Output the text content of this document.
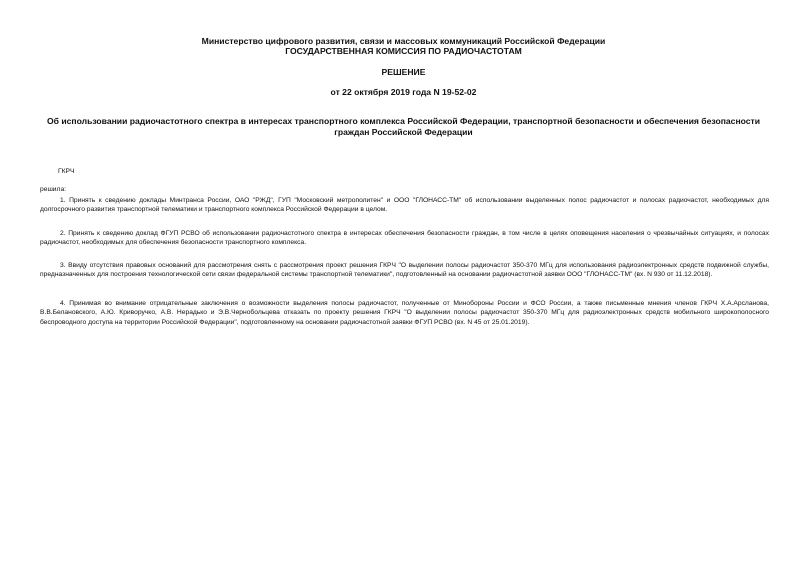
Министерство цифрового развития, связи и массовых коммуникаций Российской Федерации
ГОСУДАРСТВЕННАЯ КОМИССИЯ ПО РАДИОЧАСТОТАМ
РЕШЕНИЕ
от 22 октября 2019 года N 19-52-02
Об использовании радиочастотного спектра в интересах транспортного комплекса Российской Федерации, транспортной безопасности и обеспечения безопасности граждан Российской Федерации
ГКРЧ
решила:
1. Принять к сведению доклады Минтранса России, ОАО "РЖД", ГУП "Московский метрополитен" и ООО "ГЛОНАСС-ТМ" об использовании выделенных полос радиочастот и полосах радиочастот, необходимых для долгосрочного развития транспортной телематики и транспортного комплекса Российской Федерации в целом.
2. Принять к сведению доклад ФГУП РСВО об использовании радиочастотного спектра в интересах обеспечения безопасности граждан, в том числе в целях оповещения населения о чрезвычайных ситуациях, и полосах радиочастот, необходимых для обеспечения безопасности транспортного комплекса.
3. Ввиду отсутствия правовых оснований для рассмотрения снять с рассмотрения проект решения ГКРЧ "О выделении полосы радиочастот 350-370 МГц для использования радиоэлектронных средств подвижной службы, предназначенных для построения технологической сети связи федеральной системы транспортной телематики", подготовленный на основании радиочастотной заявки ООО "ГЛОНАСС-ТМ" (вх. N 930 от 11.12.2018).
4. Принимая во внимание отрицательные заключения о возможности выделения полосы радиочастот, полученные от Минобороны России и ФСО России, а также письменные мнения членов ГКРЧ Х.А.Арсланова, В.В.Белановского, А.Ю. Криворучко, А.В. Нерадько и Э.В.Чернобольцева отказать по проекту решения ГКРЧ "О выделении полосы радиочастот 350-370 МГц для радиоэлектронных средств мобильного широкополосного беспроводного доступа на территории Российской Федерации", подготовленному на основании радиочастотной заявки ФГУП РСВО (вх. N 45 от 25.01.2019).
